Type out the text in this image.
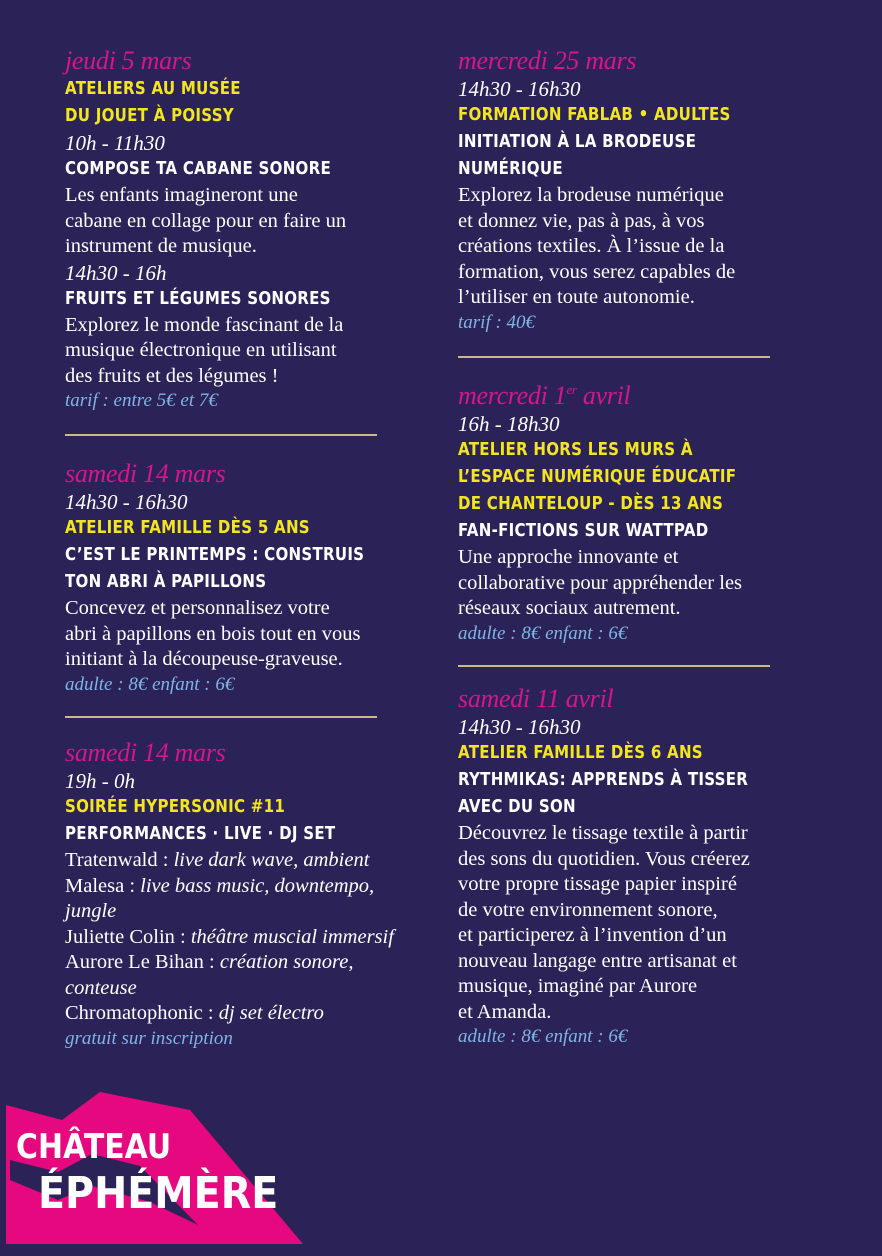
jeudi 5 mars
ATELIERS AU MUSÉE
DU JOUET À POISSY
10h - 11h30
COMPOSE TA CABANE SONORE
Les enfants imagineront une
cabane en collage pour en faire un
instrument de musique.
14h30 - 16h
FRUITS ET LÉGUMES SONORES
Explorez le monde fascinant de la
musique électronique en utilisant
des fruits et des légumes !
tarif : entre 5€ et 7€
samedi 14 mars
14h30 - 16h30
ATELIER FAMILLE DÈS 5 ANS
C’EST LE PRINTEMPS : CONSTRUIS
TON ABRI À PAPILLONS
Concevez et personnalisez votre
abri à papillons en bois tout en vous
initiant à la découpeuse-graveuse.
adulte : 8€ enfant : 6€
samedi 14 mars
19h - 0h
SOIRÉE HYPERSONIC #11
PERFORMANCES · LIVE · DJ SET
Tratenwald : live dark wave, ambient
Malesa : live bass music, downtempo,
jungle
Juliette Colin : théâtre muscial immersif
Aurore Le Bihan : création sonore,
conteuse
Chromatophonic : dj set électro
gratuit sur inscription
mercredi 25 mars
14h30 - 16h30
FORMATION FABLAB • ADULTES
INITIATION À LA BRODEUSE
NUMÉRIQUE
Explorez la brodeuse numérique
et donnez vie, pas à pas, à vos
créations textiles. À l’issue de la
formation, vous serez capables de
l’utiliser en toute autonomie.
tarif : 40€
mercredi 1er avril
16h - 18h30
ATELIER HORS LES MURS À
L’ESPACE NUMÉRIQUE ÉDUCATIF
DE CHANTELOUP - DÈS 13 ANS
FAN-FICTIONS SUR WATTPAD
Une approche innovante et
collaborative pour appréhender les
réseaux sociaux autrement.
adulte : 8€ enfant : 6€
samedi 11 avril
14h30 - 16h30
ATELIER FAMILLE DÈS 6 ANS
RYTHMIKAS: APPRENDS À TISSER
AVEC DU SON
Découvrez le tissage textile à partir
des sons du quotidien. Vous créerez
votre propre tissage papier inspiré
de votre environnement sonore,
et participerez à l’invention d’un
nouveau langage entre artisanat et
musique, imaginé par Aurore
et Amanda.
adulte : 8€ enfant : 6€
CHÂTEAU
ÉPHÉMÈRE
